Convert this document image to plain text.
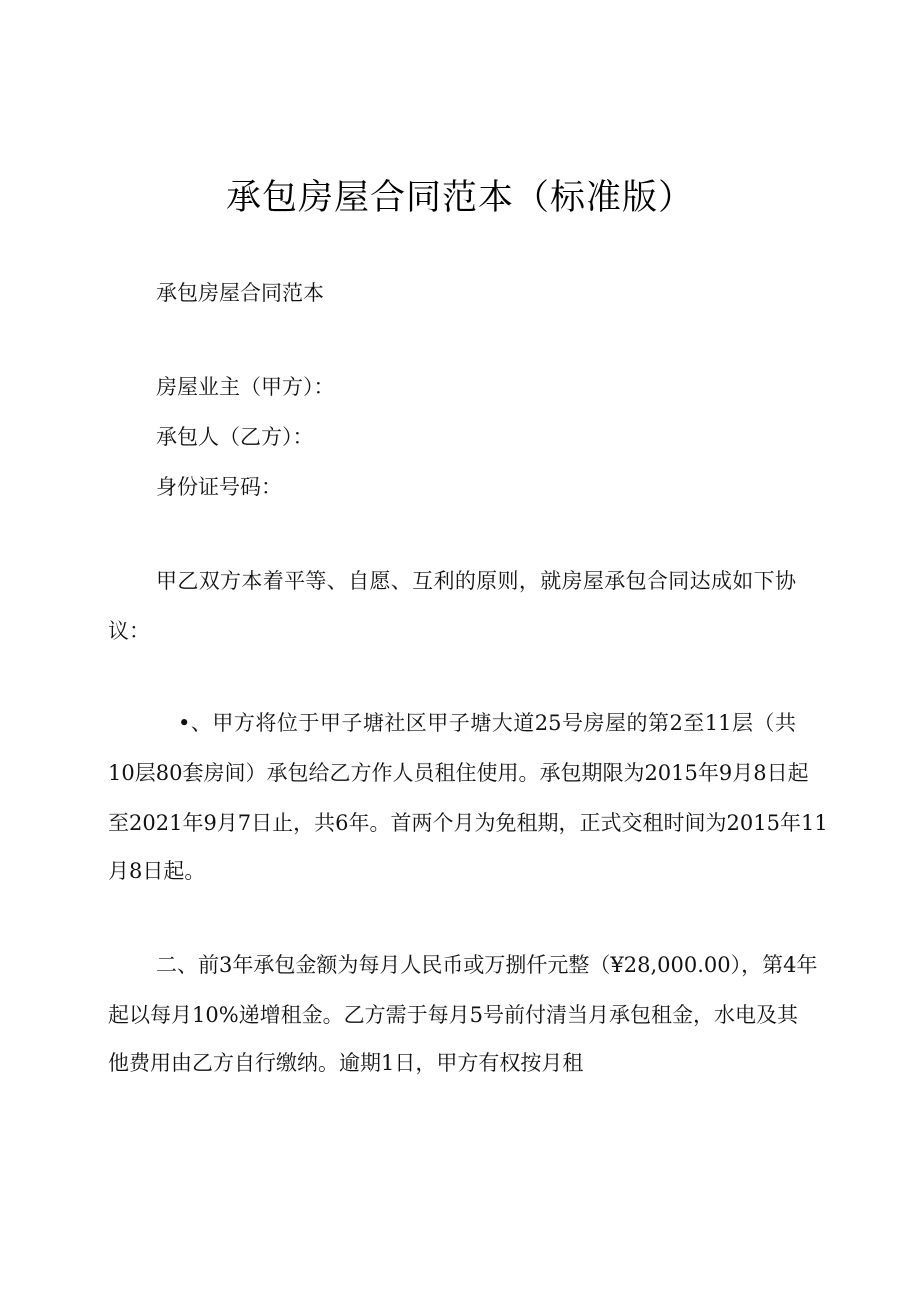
承包房屋合同范本（标准版）
承包房屋合同范本
房屋业主（甲方）：
承包人（乙方）：
身份证号码：
甲乙双方本着平等、自愿、互利的原则，就房屋承包合同达成如下协
议：
•、甲方将位于甲子塘社区甲子塘大道25号房屋的第2至11层（共
10层80套房间）承包给乙方作人员租住使用。承包期限为2015年9月8日起
至2021年9月7日止，共6年。首两个月为免租期，正式交租时间为2015年11
月8日起。
二、前3年承包金额为每月人民币或万捌仟元整（¥28,000.00），第4年
起以每月10%递增租金。乙方需于每月5号前付清当月承包租金，水电及其
他费用由乙方自行缴纳。逾期1日，甲方有权按月租
